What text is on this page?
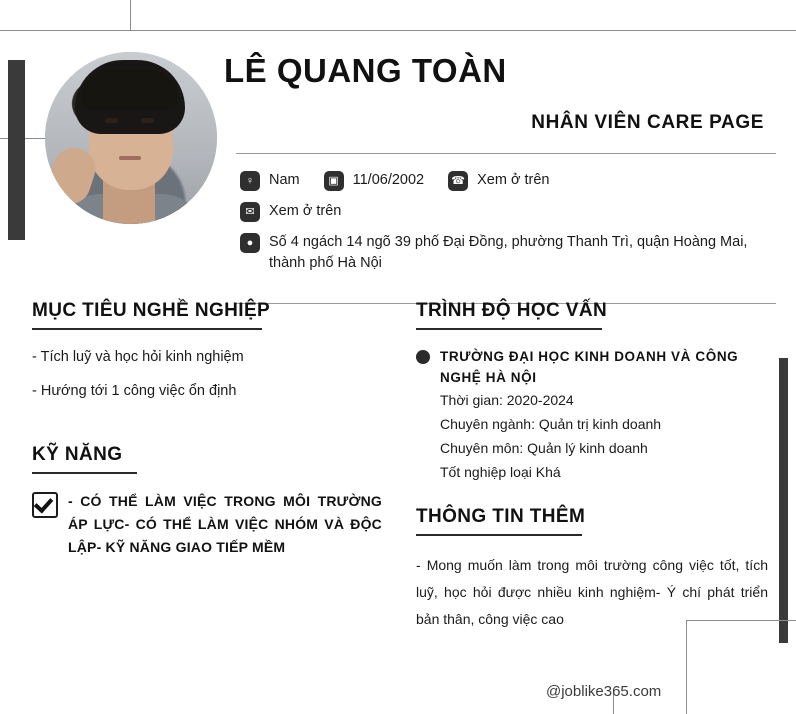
LÊ QUANG TOÀN
NHÂN VIÊN CARE PAGE
♀	Nam	▣ 11/06/2002 ☎ Xem ở trên
✉ Xem ở trên
●	Số 4 ngách 14 ngõ 39 phố Đại Đồng, phường Thanh Trì, quận Hoàng Mai, thành phố Hà Nội
MỤC TIÊU NGHỀ NGHIỆP
- Tích luỹ và học hỏi kinh nghiệm
- Hướng tới 1 công việc ổn định
KỸ NĂNG
- CÓ THỂ LÀM VIỆC TRONG MÔI TRƯỜNG ÁP LỰC- CÓ THỂ LÀM VIỆC NHÓM VÀ ĐỘC LẬP- KỸ NĂNG GIAO TIẾP MỀM
TRÌNH ĐỘ HỌC VẤN
TRƯỜNG ĐẠI HỌC KINH DOANH VÀ CÔNG NGHỆ HÀ NỘI
Thời gian: 2020-2024
Chuyên ngành: Quản trị kinh doanh
Chuyên môn: Quản lý kinh doanh
Tốt nghiệp loại Khá
THÔNG TIN THÊM
- Mong muốn làm trong môi trường công việc tốt, tích luỹ, học hỏi được nhiều kinh nghiệm- Ý chí phát triển bản thân, công việc cao
@joblike365.com
